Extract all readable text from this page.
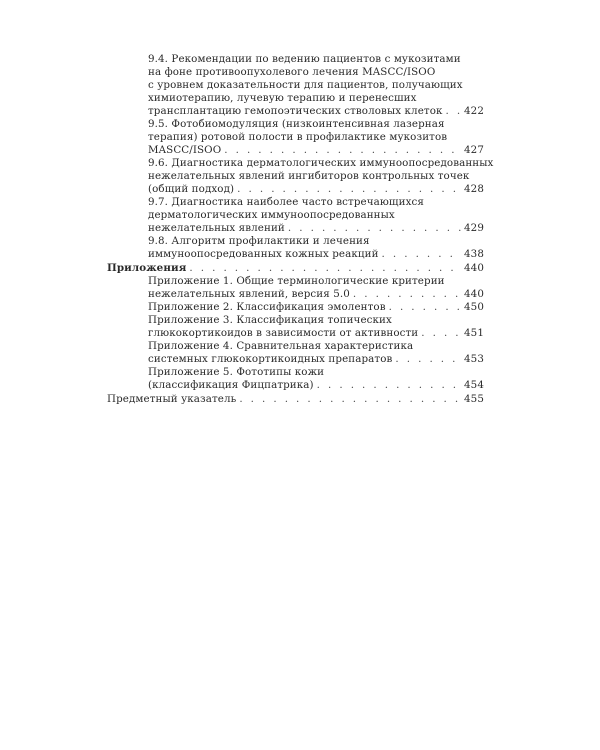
9.4. Рекомендации по ведению пациентов с мукозитами
на фоне противоопухолевого лечения MASCC/ISOO
с уровнем доказательности для пациентов, получающих
химиотерапию, лучевую терапию и перенесших
трансплантацию гемопоэтических стволовых клеток . . . 422
9.5. Фотобиомодуляция (низкоинтенсивная лазерная
терапия) ротовой полости в профилактике мукозитов
MASCC/ISOO . . .	427
9.6. Диагностика дерматологических иммуноопосредованных
нежелательных явлений ингибиторов контрольных точек
(общий подход) . . .	428
9.7. Диагностика наиболее часто встречающихся
дерматологических иммуноопосредованных
нежелательных явлений . . .	429
9.8. Алгоритм профилактики и лечения
иммуноопосредованных кожных реакций . . .	438
Приложения . . .	440
Приложение 1. Общие терминологические критерии
нежелательных явлений, версия 5.0 . . .	440
Приложение 2. Классификация эмолентов . . .	450
Приложение 3. Классификация топических
глюкокортикоидов в зависимости от активности . . .	451
Приложение 4. Сравнительная характеристика
системных глюкокортикоидных препаратов . . .	453
Приложение 5. Фототипы кожи
(классификация Фицпатрика) . . .	454
Предметный указатель . . .	455
